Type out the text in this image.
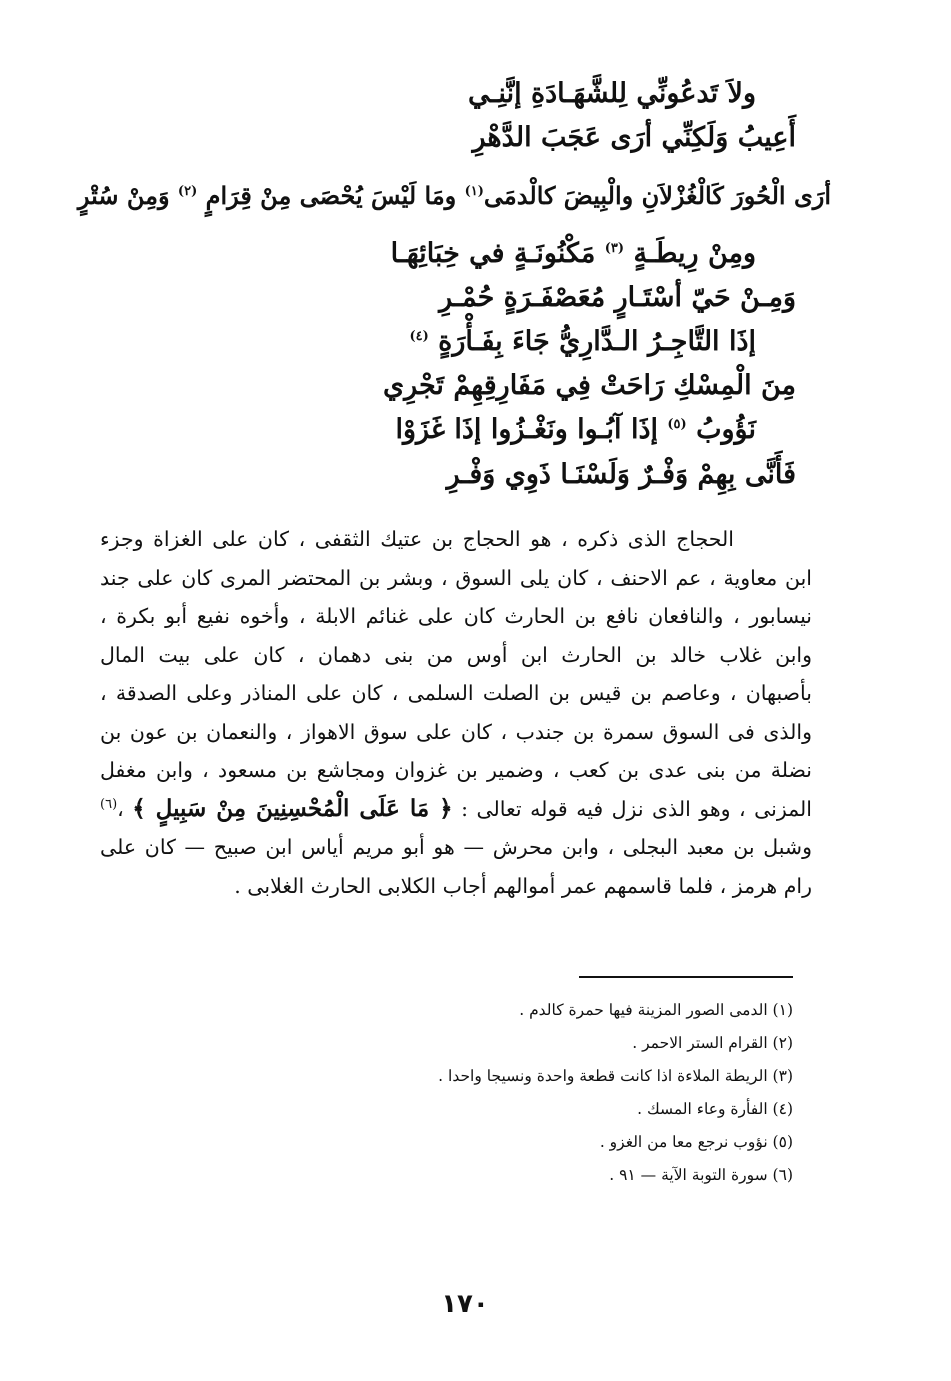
ولاَ تَدعُونِّي لِلشَّهَـادَةِ إنَّنِـي
أَعِيبُ وَلَكِنِّي أرَى عَجَبَ الدَّهْرِ
أرَى الْحُورَ كَالْغُزْلاَنِ والْبِيضَ كالْدمَى$^{(١)}$ ومَا لَيْسَ يُحْصَى مِنْ قِرَامٍ $^{(٢)}$ وَمِنْ سُتْرٍ
ومِنْ رِيطَـةٍ $^{(٣)}$ مَكْنُونَـةٍ في خِبَائِهَـا
وَمِـنْ حَيّ أسْتَـارٍ مُعَصْفَـرَةٍ حُمْـرِ
إذَا التَّاجِـرُ الـدَّارِيُّ جَاءَ بِفَـأْرَةٍ $^{(٤)}$
مِنَ الْمِسْكِ رَاحَتْ فِي مَفَارِقِهِمْ تَجْرِي
نَؤُوبُ $^{(٥)}$ إذَا آبُـوا ونَغْـزُوا إذَا غَزَوْا
فَأَنَّى بِهِمْ وَفْـرٌ وَلَسْنَـا ذَوِي وَفْـرِ

الحجاج الذى ذكره ، هو الحجاج بن عتيك الثقفى ، كان على الغزاة وجزء

ابن معاوية ، عم الاحنف ، كان يلى السوق ، وبشر بن المحتضر المرى كان على جند

نيسابور ، والنافعان نافع بن الحارث كان على غنائم الابلة ، وأخوه نفيع أبو بكرة ،

وابن غلاب خالد بن الحارث ابن أوس من بنى دهمان ، كان على بيت المال

بأصبهان ، وعاصم بن قيس بن الصلت السلمى ، كان على المناذر وعلى الصدقة ،

والذى فى السوق سمرة بن جندب ، كان على سوق الاهواز ، والنعمان بن عون بن

نضلة من بنى عدى بن كعب ، وضمير بن غزوان ومجاشع بن مسعود ، وابن مغفل

المزنى ، وهو الذى نزل فيه قوله تعالى : ﴿ مَا عَلَى الْمُحْسِنِينَ مِنْ سَبِيلٍ ﴾ ،$^{(٦)}$

وشبل بن معبد البجلى ، وابن محرش — هو أبو مريم أياس ابن صبيح — كان على

رام هرمز ، فلما قاسمهم عمر أموالهم أجاب الكلابى الحارث الغلابى .

(١) الدمى الصور المزينة فيها حمرة كالدم .
(٢) القرام الستر الاحمر .
(٣) الريطة الملاءة اذا كانت قطعة واحدة ونسيجا واحدا .
(٤) الفأرة وعاء المسك .
(٥) نؤوب نرجع معا من الغزو .
(٦) سورة التوبة الآية — ٩١ .
١٧٠
